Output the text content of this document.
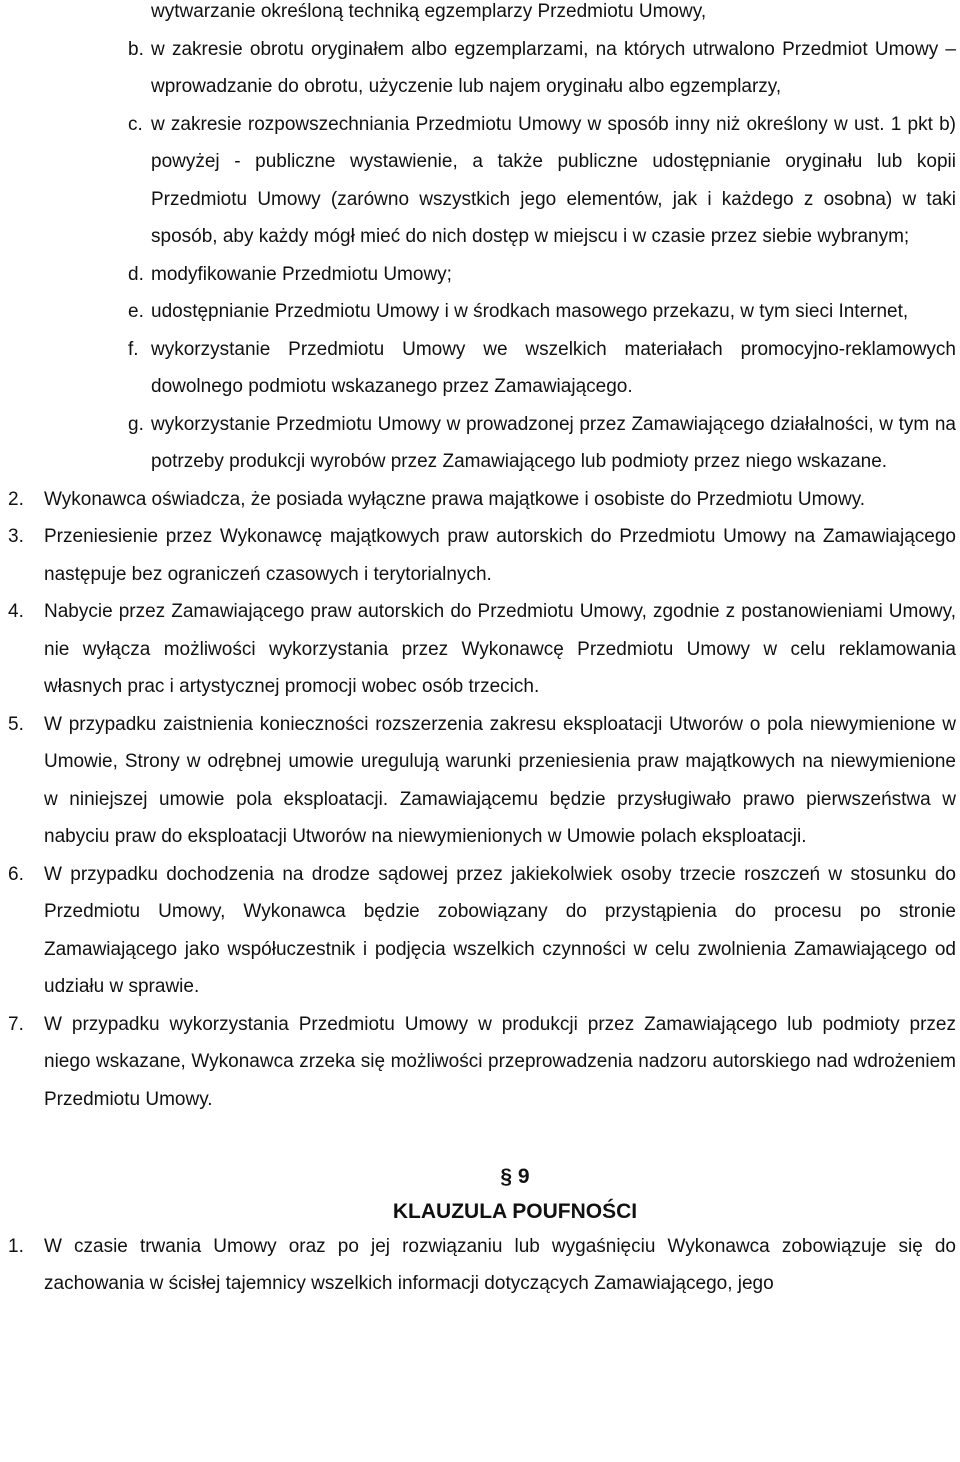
wytwarzanie określoną techniką egzemplarzy Przedmiotu Umowy,
b. w zakresie obrotu oryginałem albo egzemplarzami, na których utrwalono Przedmiot Umowy – wprowadzanie do obrotu, użyczenie lub najem oryginału albo egzemplarzy,
c. w zakresie rozpowszechniania Przedmiotu Umowy w sposób inny niż określony w ust. 1 pkt b) powyżej - publiczne wystawienie, a także publiczne udostępnianie oryginału lub kopii Przedmiotu Umowy (zarówno wszystkich jego elementów, jak i każdego z osobna) w taki sposób, aby każdy mógł mieć do nich dostęp w miejscu i w czasie przez siebie wybranym;
d. modyfikowanie Przedmiotu Umowy;
e. udostępnianie Przedmiotu Umowy i w środkach masowego przekazu, w tym sieci Internet,
f. wykorzystanie Przedmiotu Umowy we wszelkich materiałach promocyjno-reklamowych dowolnego podmiotu wskazanego przez Zamawiającego.
g. wykorzystanie Przedmiotu Umowy w prowadzonej przez Zamawiającego działalności, w tym na potrzeby produkcji wyrobów przez Zamawiającego lub podmioty przez niego wskazane.
2. Wykonawca oświadcza, że posiada wyłączne prawa majątkowe i osobiste do Przedmiotu Umowy.
3. Przeniesienie przez Wykonawcę majątkowych praw autorskich do Przedmiotu Umowy na Zamawiającego następuje bez ograniczeń czasowych i terytorialnych.
4. Nabycie przez Zamawiającego praw autorskich do Przedmiotu Umowy, zgodnie z postanowieniami Umowy, nie wyłącza możliwości wykorzystania przez Wykonawcę Przedmiotu Umowy w celu reklamowania własnych prac i artystycznej promocji wobec osób trzecich.
5. W przypadku zaistnienia konieczności rozszerzenia zakresu eksploatacji Utworów o pola niewymienione w Umowie, Strony w odrębnej umowie uregulują warunki przeniesienia praw majątkowych na niewymienione w niniejszej umowie pola eksploatacji. Zamawiającemu będzie przysługiwało prawo pierwszeństwa w nabyciu praw do eksploatacji Utworów na niewymienionych w Umowie polach eksploatacji.
6. W przypadku dochodzenia na drodze sądowej przez jakiekolwiek osoby trzecie roszczeń w stosunku do Przedmiotu Umowy, Wykonawca będzie zobowiązany do przystąpienia do procesu po stronie Zamawiającego jako współuczestnik i podjęcia wszelkich czynności w celu zwolnienia Zamawiającego od udziału w sprawie.
7. W przypadku wykorzystania Przedmiotu Umowy w produkcji przez Zamawiającego lub podmioty przez niego wskazane, Wykonawca zrzeka się możliwości przeprowadzenia nadzoru autorskiego nad wdrożeniem Przedmiotu Umowy.
§ 9
KLAUZULA POUFNOŚCI
1. W czasie trwania Umowy oraz po jej rozwiązaniu lub wygaśnięciu Wykonawca zobowiązuje się do zachowania w ścisłej tajemnicy wszelkich informacji dotyczących Zamawiającego, jego
